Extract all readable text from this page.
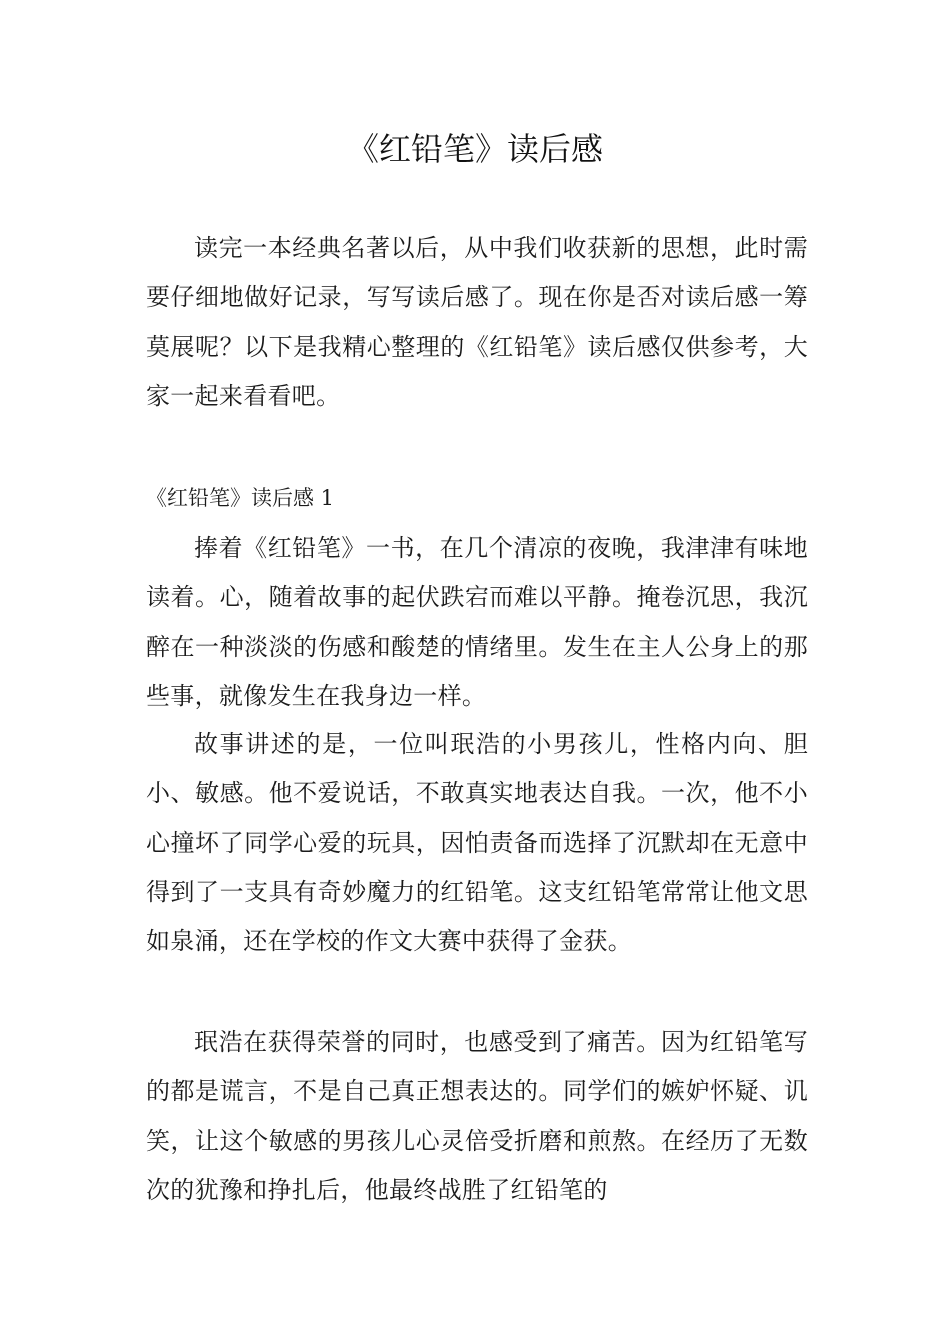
《红铅笔》读后感

读完一本经典名著以后，从中我们收获新的思想，此时需要仔细地做好记录，写写读后感了。现在你是否对读后感一筹莫展呢？以下是我精心整理的《红铅笔》读后感仅供参考，大家一起来看看吧。

《红铅笔》读后感 1

捧着《红铅笔》一书，在几个清凉的夜晚，我津津有味地读着。心，随着故事的起伏跌宕而难以平静。掩卷沉思，我沉醉在一种淡淡的伤感和酸楚的情绪里。发生在主人公身上的那些事，就像发生在我身边一样。

故事讲述的是，一位叫珉浩的小男孩儿，性格内向、胆小、敏感。他不爱说话，不敢真实地表达自我。一次，他不小心撞坏了同学心爱的玩具，因怕责备而选择了沉默却在无意中得到了一支具有奇妙魔力的红铅笔。这支红铅笔常常让他文思如泉涌，还在学校的作文大赛中获得了金获。

珉浩在获得荣誉的同时，也感受到了痛苦。因为红铅笔写的都是谎言，不是自己真正想表达的。同学们的嫉妒怀疑、讥笑，让这个敏感的男孩儿心灵倍受折磨和煎熬。在经历了无数次的犹豫和挣扎后，他最终战胜了红铅笔的
